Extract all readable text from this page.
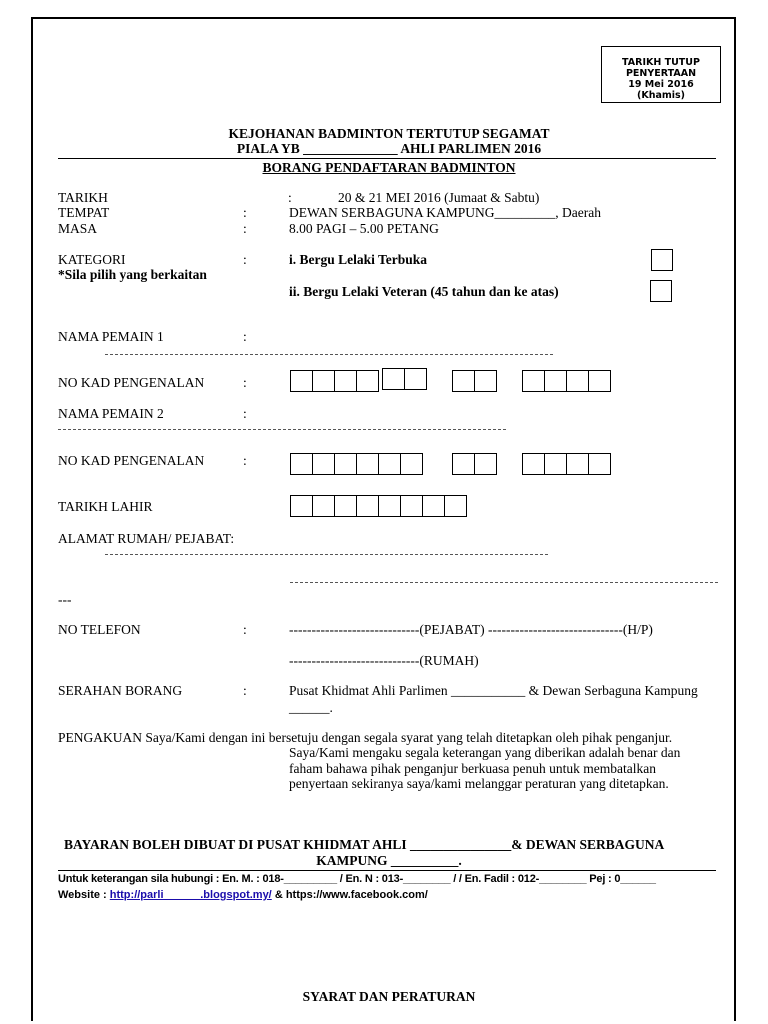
TARIKH TUTUP
PENYERTAAN
19 Mei 2016
(Khamis)
KEJOHANAN BADMINTON TERTUTUP SEGAMAT
PIALA YB ______________ AHLI PARLIMEN 2016
BORANG PENDAFTARAN BADMINTON
TARIKH	:	20 & 21 MEI 2016 (Jumaat & Sabtu)
TEMPAT	:	DEWAN SERBAGUNA KAMPUNG_________, Daerah
MASA	:	8.00 PAGI – 5.00 PETANG
KATEGORI
*Sila pilih yang berkaitan
:	i. Bergu Lelaki Terbuka
ii. Bergu Lelaki Veteran (45 tahun dan ke atas)
NAMA PEMAIN 1	:
NO KAD PENGENALAN	:
NAMA PEMAIN 2	:
NO KAD PENGENALAN	:
TARIKH LAHIR
ALAMAT RUMAH/ PEJABAT:
---
NO TELEFON	:	-----------------------------(PEJABAT) ------------------------------(H/P)
-----------------------------(RUMAH)
SERAHAN BORANG	:	Pusat Khidmat Ahli Parlimen ___________ & Dewan Serbaguna Kampung
______.
PENGAKUAN Saya/Kami dengan ini bersetuju dengan segala syarat yang telah ditetapkan oleh pihak penganjur.
Saya/Kami mengaku segala keterangan yang diberikan adalah benar dan
faham bahawa pihak penganjur berkuasa penuh untuk membatalkan
penyertaan sekiranya saya/kami melanggar peraturan yang ditetapkan.
BAYARAN BOLEH DIBUAT DI PUSAT KHIDMAT AHLI _______________& DEWAN SERBAGUNA
KAMPUNG __________.
Untuk keterangan sila hubungi : En. M. : 018-_________ / En. N : 013-________ / / En. Fadil : 012-________ Pej : 0______
Website : http://parli______.blogspot.my/ & https://www.facebook.com/
SYARAT DAN PERATURAN
